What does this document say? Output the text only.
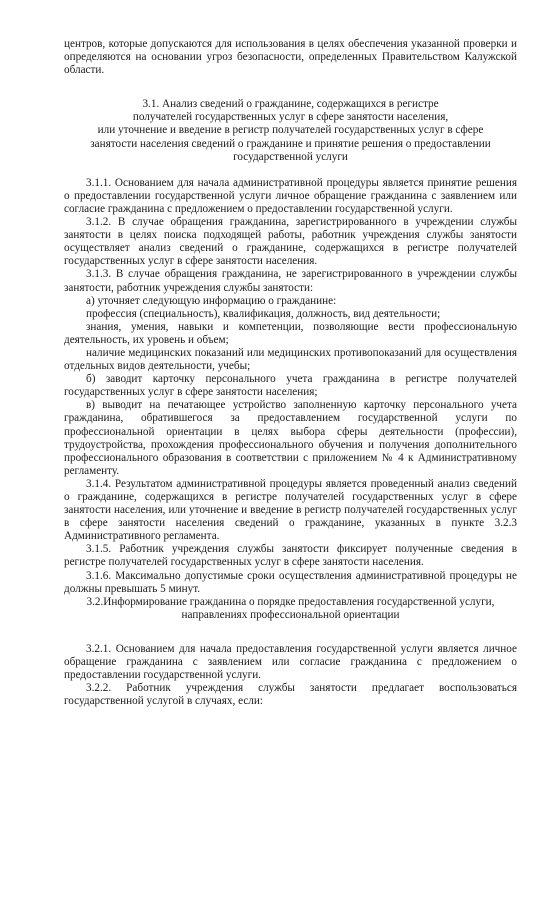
центров, которые допускаются для использования в целях обеспечения указанной проверки и определяются на основании угроз безопасности, определенных Правительством Калужской области.

3.1. Анализ сведений о гражданине, содержащихся в регистре

получателей государственных услуг в сфере занятости населения,

или уточнение и введение в регистр получателей государственных услуг в сфере

занятости населения сведений о гражданине и принятие решения о предоставлении

государственной услуги

3.1.1. Основанием для начала административной процедуры является принятие решения о предоставлении государственной услуги личное обращение гражданина с заявлением или согласие гражданина с предложением о предоставлении государственной услуги.

3.1.2. В случае обращения гражданина, зарегистрированного в учреждении службы занятости в целях поиска подходящей работы, работник учреждения службы занятости осуществляет анализ сведений о гражданине, содержащихся в регистре получателей государственных услуг в сфере занятости населения.

3.1.3. В случае обращения гражданина, не зарегистрированного в учреждении службы занятости, работник учреждения службы занятости:

а) уточняет следующую информацию о гражданине:

профессия (специальность), квалификация, должность, вид деятельности;

знания, умения, навыки и компетенции, позволяющие вести профессиональную деятельность, их уровень и объем;

наличие медицинских показаний или медицинских противопоказаний для осуществления отдельных видов деятельности, учебы;

б) заводит карточку персонального учета гражданина в регистре получателей государственных услуг в сфере занятости населения;

в) выводит на печатающее устройство заполненную карточку персонального учета гражданина, обратившегося за предоставлением государственной услуги по профессиональной ориентации в целях выбора сферы деятельности (профессии), трудоустройства, прохождения профессионального обучения и получения дополнительного профессионального образования в соответствии с приложением № 4 к Административному регламенту.

3.1.4. Результатом административной процедуры является проведенный анализ сведений о гражданине, содержащихся в регистре получателей государственных услуг в сфере занятости населения, или уточнение и введение в регистр получателей государственных услуг в сфере занятости населения сведений о гражданине, указанных в пункте 3.2.3 Административного регламента.

3.1.5. Работник учреждения службы занятости фиксирует полученные сведения в регистре получателей государственных услуг в сфере занятости населения.

3.1.6. Максимально допустимые сроки осуществления административной процедуры не должны превышать 5 минут.

3.2.Информирование гражданина о порядке предоставления государственной услуги,

направлениях профессиональной ориентации

3.2.1. Основанием для начала предоставления государственной услуги является личное обращение гражданина с заявлением или согласие гражданина с предложением о предоставлении государственной услуги.

3.2.2. Работник учреждения службы занятости предлагает воспользоваться государственной услугой в случаях, если:
